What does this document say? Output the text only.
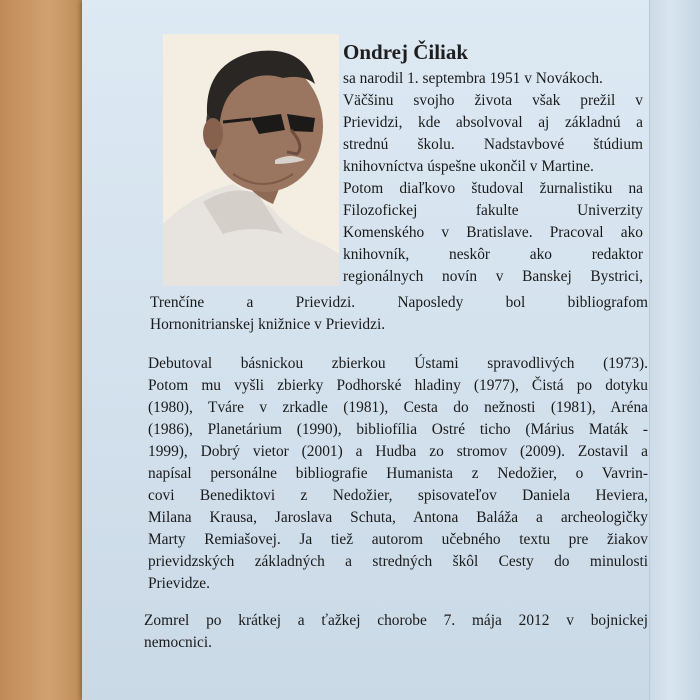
Ondrej Čiliak

sa narodil 1. septembra 1951 v Novákoch.

Väčšinu svojho života však prežil v

Prievidzi, kde absolvoval aj základnú a

strednú školu. Nadstavbové štúdium

knihovníctva úspešne ukončil v Martine.

Potom diaľkovo študoval žurnalistiku na

Filozofickej fakulte Univerzity

Komenského v Bratislave. Pracoval ako

knihovník, neskôr ako redaktor

regionálnych novín v Banskej Bystrici,

Trenčíne a Prievidzi. Naposledy bol bibliografom

Hornonitrianskej knižnice v Prievidzi.

Debutoval básnickou zbierkou Ústami spravodlivých (1973).

Potom mu vyšli zbierky Podhorské hladiny (1977), Čistá po dotyku

(1980), Tváre v zrkadle (1981), Cesta do nežnosti (1981), Aréna

(1986), Planetárium (1990), bibliofília Ostré ticho (Márius Maták -

1999), Dobrý vietor (2001) a Hudba zo stromov (2009). Zostavil a

napísal personálne bibliografie Humanista z Nedožier, o Vavrin-

covi Benediktovi z Nedožier, spisovateľov Daniela Heviera,

Milana Krausa, Jaroslava Schuta, Antona Baláža a archeologičky

Marty Remiašovej. Ja tiež autorom učebného textu pre žiakov

prievidzských základných a stredných škôl Cesty do minulosti

Prievidze.

Zomrel po krátkej a ťažkej chorobe 7. mája 2012 v bojnickej

nemocnici.
